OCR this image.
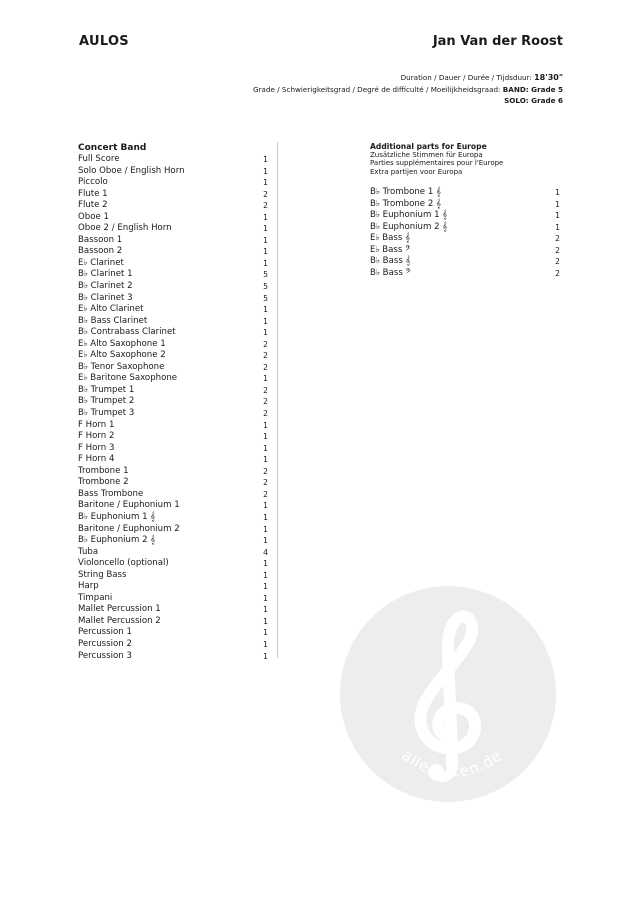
AULOS	Jan Van der Roost
Duration / Dauer / Durée / Tijdsduur: 18'30"
Grade / Schwierigkeitsgrad / Degré de difficulté / Moeilijkheidsgraad: BAND: Grade 5
SOLO: Grade 6
Concert Band
Full Score	1
Solo Oboe / English Horn	1
Piccolo	1
Flute 1	2
Flute 2	2
Oboe 1	1
Oboe 2 / English Horn	1
Bassoon 1	1
Bassoon 2	1
E♭ Clarinet	1
B♭ Clarinet 1	5
B♭ Clarinet 2	5
B♭ Clarinet 3	5
E♭ Alto Clarinet	1
B♭ Bass Clarinet	1
B♭ Contrabass Clarinet	1
E♭ Alto Saxophone 1	2
E♭ Alto Saxophone 2	2
B♭ Tenor Saxophone	2
E♭ Baritone Saxophone	1
B♭ Trumpet 1	2
B♭ Trumpet 2	2
B♭ Trumpet 3	2
F Horn 1	1
F Horn 2	1
F Horn 3	1
F Horn 4	1
Trombone 1	2
Trombone 2	2
Bass Trombone	2
Baritone / Euphonium 1	1
B♭ Euphonium 1 𝄞	1
Baritone / Euphonium 2	1
B♭ Euphonium 2 𝄞	1
Tuba	4
Violoncello (optional)	1
String Bass	1
Harp	1
Timpani	1
Mallet Percussion 1	1
Mallet Percussion 2	1
Percussion 1	1
Percussion 2	1
Percussion 3	1
Additional parts for Europe
Zusätzliche Stimmen für Europa
Parties supplémentaires pour l'Europe
Extra partijen voor Europa
B♭ Trombone 1 𝄞	1
B♭ Trombone 2 𝄞	1
B♭ Euphonium 1 𝄞	1
B♭ Euphonium 2 𝄞	1
E♭ Bass 𝄞	2
E♭ Bass 𝄢	2
B♭ Bass 𝄞	2
B♭ Bass 𝄢	2
alle-noten.de
